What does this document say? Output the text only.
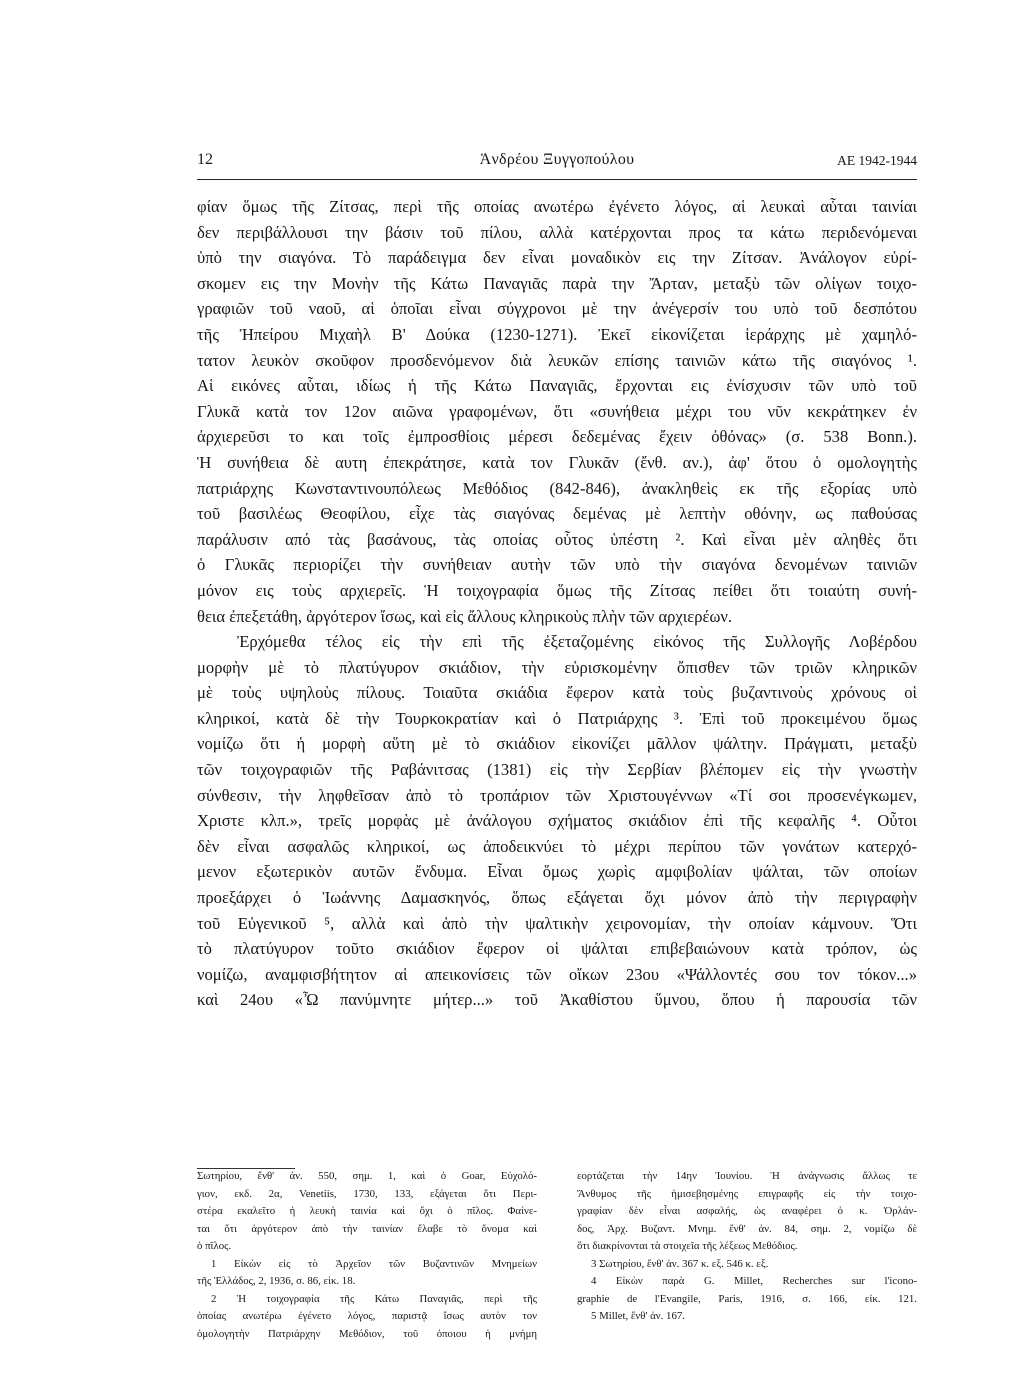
12	Ἀνδρέου Ξυγγοπούλου	ΑΕ 1942-1944
φίαν ὅμως τῆς Ζίτσας, περὶ τῆς οποίας ανωτέρω ἐγένετο λόγος, αἱ λευκαὶ αὗται ταινίαι
δεν περιβάλλουσι την βάσιν τοῦ πίλου, αλλὰ κατέρχονται προς τα κάτω περιδενόμεναι
ὑπὸ την σιαγόνα. Τὸ παράδειγμα δεν εἶναι μοναδικὸν εις την Ζίτσαν. Ἀνάλογον εὑρί-
σκομεν εις την Μονὴν τῆς Κάτω Παναγιᾶς παρὰ την Ἄρταν, μεταξὺ τῶν ολίγων τοιχο-
γραφιῶν τοῦ ναοῦ, αἱ ὁποῖαι εἶναι σύγχρονοι μὲ την ἀνέγερσίν του υπὸ τοῦ δεσπότου
τῆς Ἠπείρου Μιχαὴλ Β' Δούκα (1230-1271). Ἐκεῖ εἰκονίζεται ἱεράρχης μὲ χαμηλό-
τατον λευκὸν σκοῦφον προσδενόμενον διὰ λευκῶν επίσης ταινιῶν κάτω τῆς σιαγόνος ¹.
Αἱ εικόνες αὗται, ιδίως ἡ τῆς Κάτω Παναγιᾶς, ἔρχονται εις ἐνίσχυσιν τῶν υπὸ τοῦ
Γλυκᾶ κατὰ τον 12ον αιῶνα γραφομένων, ὅτι «συνήθεια μέχρι του νῦν κεκράτηκεν ἐν
ἀρχιερεῦσι το και τοῖς ἐμπροσθίοις μέρεσι δεδεμένας ἔχειν ὀθόνας» (σ. 538 Bonn.).
Ἡ συνήθεια δὲ αυτη ἐπεκράτησε, κατὰ τον Γλυκᾶν (ἔνθ. αν.), ἀφ' ὅτου ὁ ομολογητὴς
πατριάρχης Κωνσταντινουπόλεως Μεθόδιος (842-846), ἀνακληθεὶς εκ τῆς εξορίας υπὸ
τοῦ βασιλέως Θεοφίλου, εἶχε τὰς σιαγόνας δεμένας μὲ λεπτὴν οθόνην, ως παθούσας
παράλυσιν από τὰς βασάνους, τὰς οποίας οὗτος ὑπέστη ². Καὶ εἶναι μὲν αληθὲς ὅτι
ὁ Γλυκᾶς περιορίζει τὴν συνήθειαν αυτὴν τῶν υπὸ τὴν σιαγόνα δενομένων ταινιῶν
μόνον εις τοὺς αρχιερεῖς. Ἡ τοιχογραφία ὅμως τῆς Ζίτσας πείθει ὅτι τοιαύτη συνή-
θεια ἐπεξετάθη, ἀργότερον ἴσως, καὶ εἰς ἄλλους κληρικοὺς πλὴν τῶν αρχιερέων.
Ἐρχόμεθα τέλος εἰς τὴν επὶ τῆς ἐξεταζομένης εἰκόνος τῆς Συλλογῆς Λοβέρδου
μορφὴν μὲ τὸ πλατύγυρον σκιάδιον, τὴν εὑρισκομένην ὄπισθεν τῶν τριῶν κληρικῶν
μὲ τοὺς υψηλοὺς πίλους. Τοιαῦτα σκιάδια ἔφερον κατὰ τοὺς βυζαντινοὺς χρόνους οἱ
κληρικοί, κατὰ δὲ τὴν Τουρκοκρατίαν καὶ ὁ Πατριάρχης ³. Ἐπὶ τοῦ προκειμένου ὅμως
νομίζω ὅτι ἡ μορφὴ αὕτη μὲ τὸ σκιάδιον εἰκονίζει μᾶλλον ψάλτην. Πράγματι, μεταξὺ
τῶν τοιχογραφιῶν τῆς Ραβάνιτσας (1381) εἰς τὴν Σερβίαν βλέπομεν εἰς τὴν γνωστὴν
σύνθεσιν, τὴν ληφθεῖσαν ἀπὸ τὸ τροπάριον τῶν Χριστουγέννων «Τί σοι προσενέγκωμεν,
Χριστε κλπ.», τρεῖς μορφὰς μὲ ἀνάλογου σχήματος σκιάδιον ἐπὶ τῆς κεφαλῆς ⁴. Οὗτοι
δὲν εἶναι ασφαλῶς κληρικοί, ως ἀποδεικνύει τὸ μέχρι περίπου τῶν γονάτων κατερχό-
μενον εξωτερικὸν αυτῶν ἔνδυμα. Εἶναι ὅμως χωρὶς αμφιβολίαν ψάλται, τῶν οποίων
προεξάρχει ὁ Ἰωάννης Δαμασκηνός, ὅπως εξάγεται ὄχι μόνον ἀπὸ τὴν περιγραφὴν
τοῦ Εὐγενικοῦ ⁵, αλλὰ καὶ ἀπὸ τὴν ψαλτικὴν χειρονομίαν, τὴν οποίαν κάμνουν. Ὅτι
τὸ πλατύγυρον τοῦτο σκιάδιον ἔφερον οἱ ψάλται επιβεβαιώνουν κατὰ τρόπον, ὡς
νομίζω, αναμφισβήτητον αἱ απεικονίσεις τῶν οἴκων 23ου «Ψάλλοντές σου τον τόκον...»
καὶ 24ου «Ὦ πανύμνητε μήτερ...» τοῦ Ἀκαθίστου ὕμνου, ὅπου ἡ παρουσία τῶν
Σωτηρίου, ἔνθ' ἀν. 550, σημ. 1, καὶ ὁ Goar, Εὐχολό-
γιον, εκδ. 2α, Venetiis, 1730, 133, εξάγεται ὅτι Περι-
στέρα εκαλεῖτο ἡ λευκὴ ταινία καὶ ὄχι ὁ πῖλος. Φαίνε-
ται ὅτι ἀργότερον ἀπὸ τὴν ταινίαν ἔλαβε τὸ ὄνομα καὶ
ὁ πῖλος.
1 Εἰκὼν εἰς τὸ Ἀρχεῖον τῶν Βυζαντινῶν Μνημείων
τῆς Ἑλλάδος, 2, 1936, σ. 86, εἰκ. 18.
2 Ἡ τοιχογραφία τῆς Κάτω Παναγιᾶς, περὶ τῆς
ὁποίας ανωτέρω ἐγένετο λόγος, παριστᾷ ἴσως αυτὸν τον
ὁμολογητὴν Πατριάρχην Μεθόδιον, τοῦ ὁποιου ἡ μνήμη
εορτάζεται τὴν 14ην Ἰουνίου. Ἡ ἀνάγνωσις ἄλλως τε
Ἄνθυμος τῆς ἡμισεβησμένης επιγραφῆς εἰς τὴν τοιχο-
γραφίαν δὲν εἶναι ασφαλής, ὡς αναφέρει ὁ κ. Ὀρλάν-
δος, Ἀρχ. Βυζαντ. Μνημ. ἔνθ' ἀν. 84, σημ. 2, νομίζω δὲ
ὅτι διακρίνονται τὰ στοιχεῖα τῆς λέξεως Μεθόδιος.
3 Σωτηρίου, ἔνθ' ἀν. 367 κ. εξ. 546 κ. εξ.
4 Εἰκὼν παρὰ G. Millet, Recherches sur l'icono-
graphie de l'Evangile, Paris, 1916, σ. 166, εἰκ. 121.
5 Millet, ἔνθ' ἀν. 167.
